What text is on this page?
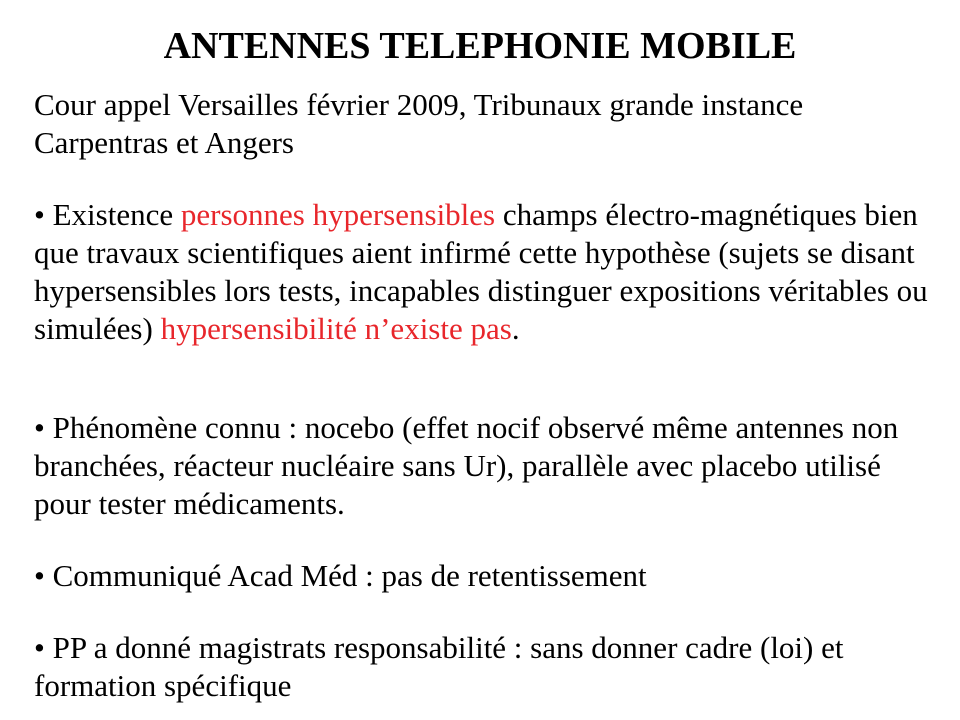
ANTENNES TELEPHONIE MOBILE

Cour appel Versailles février 2009, Tribunaux grande instance Carpentras et Angers

• Existence personnes hypersensibles champs électro-magnétiques bien que travaux scientifiques aient infirmé cette hypothèse (sujets se disant hypersensibles lors tests, incapables distinguer expositions véritables ou simulées) hypersensibilité n’existe pas.

• Phénomène connu : nocebo (effet nocif observé même antennes non branchées, réacteur nucléaire sans Ur), parallèle avec placebo utilisé pour tester médicaments.

• Communiqué Acad Méd : pas de retentissement

• PP a donné magistrats responsabilité : sans donner cadre (loi) et formation spécifique
